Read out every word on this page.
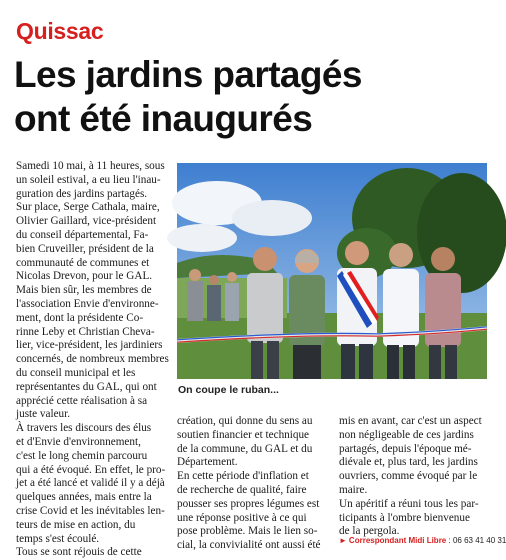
Quissac
Les jardins partagés
ont été inaugurés
Samedi 10 mai, à 11 heures, sous
un soleil estival, a eu lieu l'inau-
guration des jardins partagés.
Sur place, Serge Cathala, maire,
Olivier Gaillard, vice-président
du conseil départemental, Fa-
bien Cruveiller, président de la
communauté de communes et
Nicolas Drevon, pour le GAL.
Mais bien sûr, les membres de
l'association Envie d'environne-
ment, dont la présidente Co-
rinne Leby et Christian Cheva-
lier, vice-président, les jardiniers
concernés, de nombreux membres
du conseil municipal et les
représentantes du GAL, qui ont
apprécié cette réalisation à sa
juste valeur.
À travers les discours des élus
et d'Envie d'environnement,
c'est le long chemin parcouru
qui a été évoqué. En effet, le pro-
jet a été lancé et validé il y a déjà
quelques années, mais entre la
crise Covid et les inévitables len-
teurs de mise en action, du
temps s'est écoulé.
Tous se sont réjouis de cette
On coupe le ruban...
création, qui donne du sens au
soutien financier et technique
de la commune, du GAL et du
Département.
En cette période d'inflation et
de recherche de qualité, faire
pousser ses propres légumes est
une réponse positive à ce qui
pose problème. Mais le lien so-
cial, la convivialité ont aussi été
mis en avant, car c'est un aspect
non négligeable de ces jardins
partagés, depuis l'époque mé-
diévale et, plus tard, les jardins
ouvriers, comme évoqué par le
maire.
Un apéritif a réuni tous les par-
ticipants à l'ombre bienvenue
de la pergola.
► Correspondant Midi Libre : 06 63 41 40 31
